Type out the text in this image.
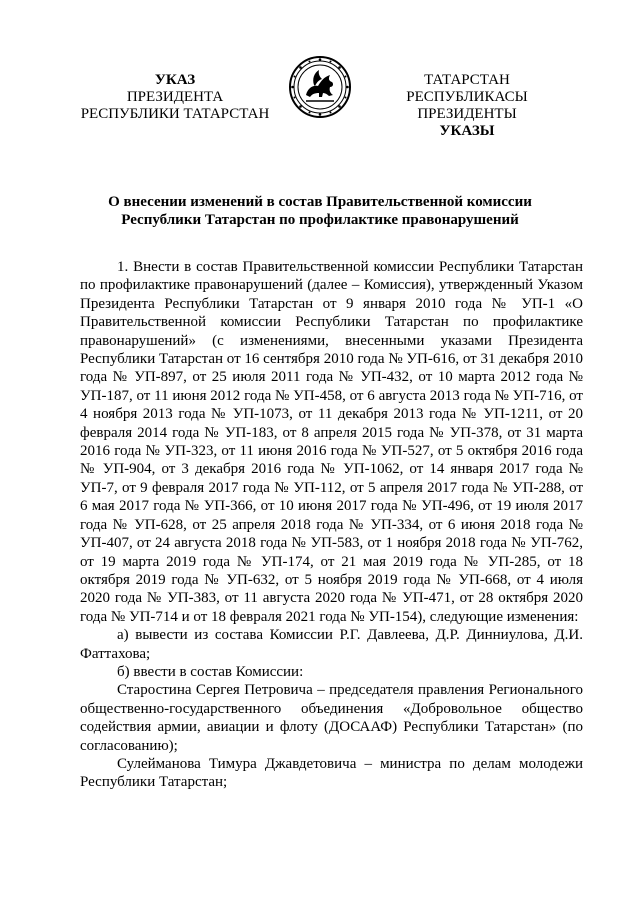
УКАЗ
ПРЕЗИДЕНТА
РЕСПУБЛИКИ ТАТАРСТАН
ТАТАРСТАН РЕСПУБЛИКАСЫ
ПРЕЗИДЕНТЫ
УКАЗЫ
О внесении изменений в состав Правительственной комиссии
Республики Татарстан по профилактике правонарушений

1. Внести в состав Правительственной комиссии Республики Татарстан по профилактике правонарушений (далее – Комиссия), утвержденный Указом Президента Республики Татарстан от 9 января 2010 года № УП-1 «О Правительственной комиссии Республики Татарстан по профилактике правонарушений» (с изменениями, внесенными указами Президента Республики Татарстан от 16 сентября 2010 года № УП-616, от 31 декабря 2010 года № УП-897, от 25 июля 2011 года № УП-432, от 10 марта 2012 года № УП-187, от 11 июня 2012 года № УП-458, от 6 августа 2013 года № УП-716, от 4 ноября 2013 года № УП-1073, от 11 декабря 2013 года № УП-1211, от 20 февраля 2014 года № УП-183, от 8 апреля 2015 года № УП-378, от 31 марта 2016 года № УП-323, от 11 июня 2016 года № УП-527, от 5 октября 2016 года № УП-904, от 3 декабря 2016 года № УП-1062, от 14 января 2017 года № УП-7, от 9 февраля 2017 года № УП-112, от 5 апреля 2017 года № УП-288, от 6 мая 2017 года № УП-366, от 10 июня 2017 года № УП-496, от 19 июля 2017 года № УП-628, от 25 апреля 2018 года № УП-334, от 6 июня 2018 года № УП-407, от 24 августа 2018 года № УП-583, от 1 ноября 2018 года № УП-762, от 19 марта 2019 года № УП-174, от 21 мая 2019 года № УП-285, от 18 октября 2019 года № УП-632, от 5 ноября 2019 года № УП-668, от 4 июля 2020 года № УП-383, от 11 августа 2020 года № УП-471, от 28 октября 2020 года № УП-714 и от 18 февраля 2021 года № УП-154), следующие изменения:

а) вывести из состава Комиссии Р.Г. Давлеева, Д.Р. Динниулова, Д.И. Фаттахова;

б) ввести в состав Комиссии:

Старостина Сергея Петровича – председателя правления Регионального общественно-государственного объединения «Добровольное общество содействия армии, авиации и флоту (ДОСААФ) Республики Татарстан» (по согласованию);

Сулейманова Тимура Джавдетовича – министра по делам молодежи Республики Татарстан;
